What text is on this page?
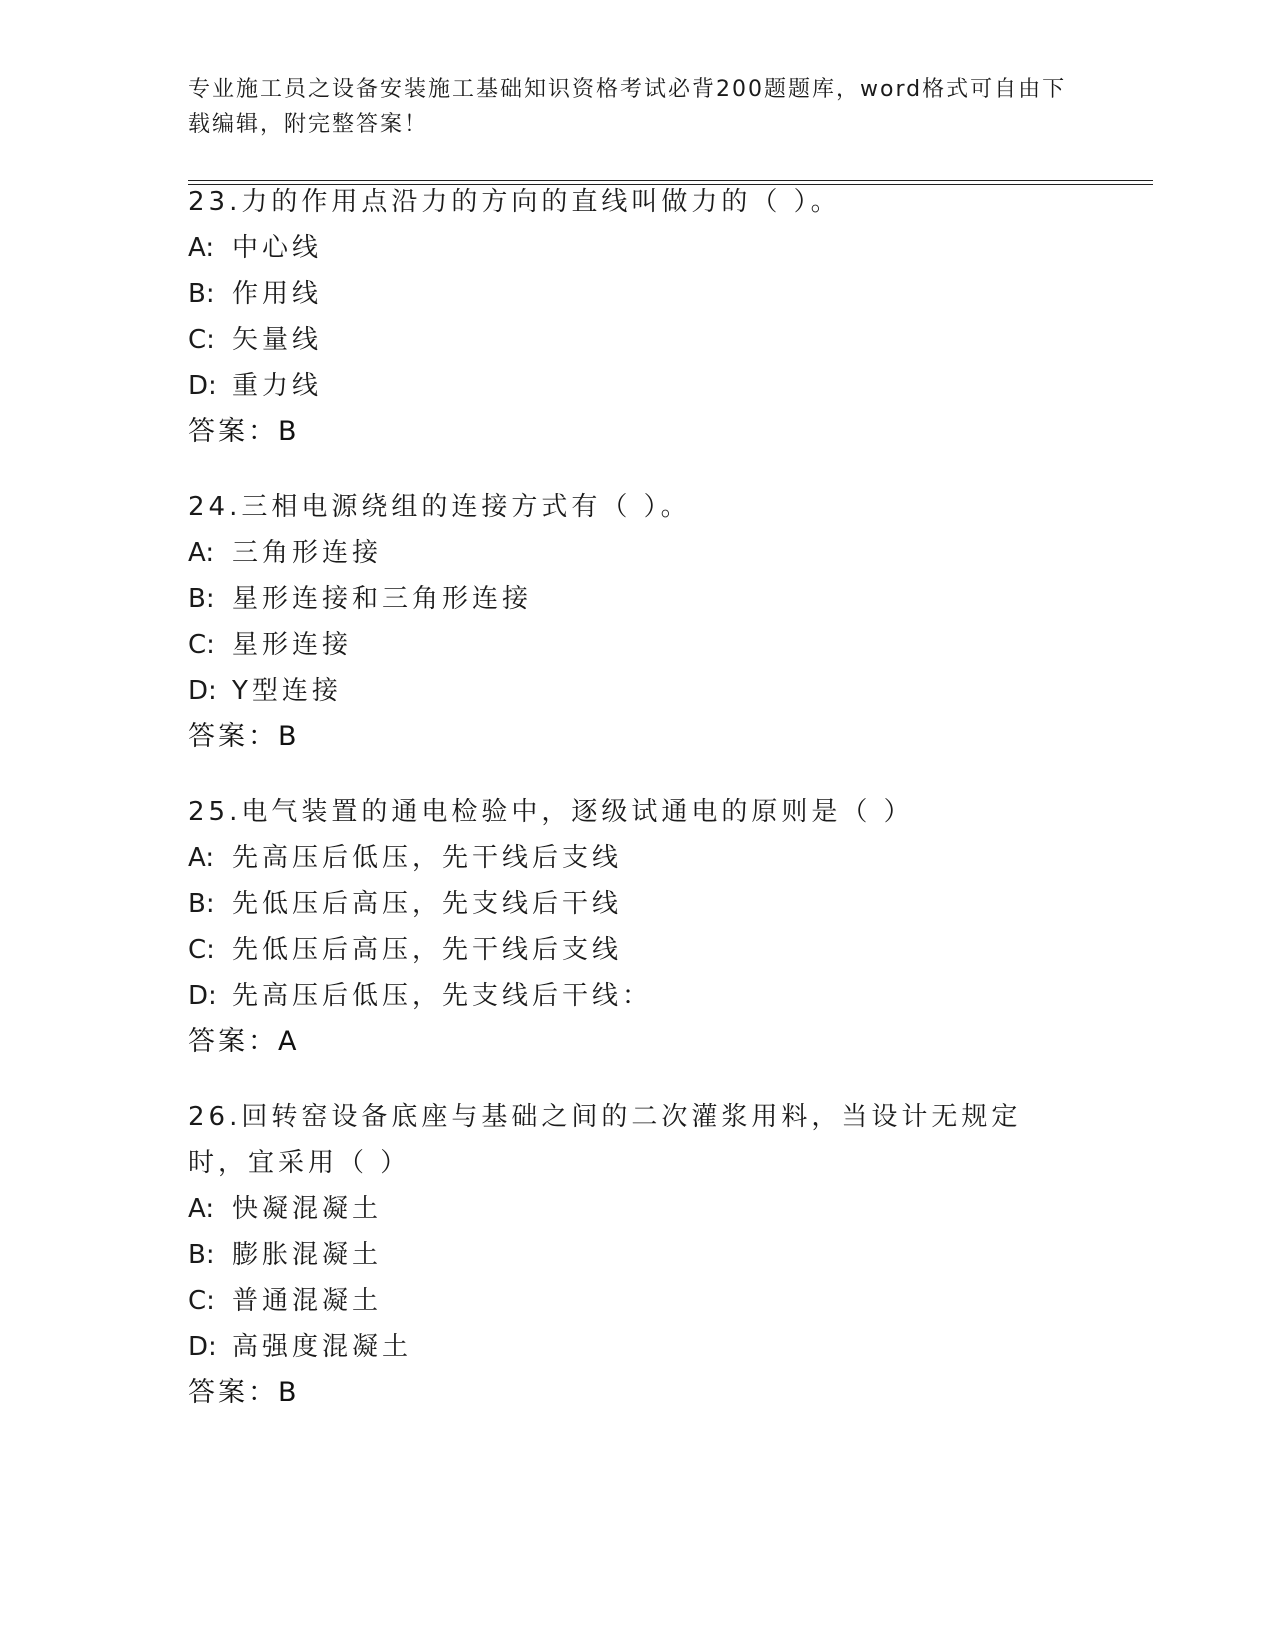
专业施工员之设备安装施工基础知识资格考试必背200题题库，word格式可自由下载编辑，附完整答案！
23.力的作用点沿力的方向的直线叫做力的（ ）。
A: 中心线
B: 作用线
C: 矢量线
D: 重力线
答案：B
24.三相电源绕组的连接方式有（ ）。
A: 三角形连接
B: 星形连接和三角形连接
C: 星形连接
D: Y型连接
答案：B
25.电气装置的通电检验中，逐级试通电的原则是（ ）
A: 先高压后低压，先干线后支线
B: 先低压后高压，先支线后干线
C: 先低压后高压，先干线后支线
D: 先高压后低压，先支线后干线：
答案：A
26.回转窑设备底座与基础之间的二次灌浆用料，当设计无规定时，宜采用（ ）
A: 快凝混凝土
B: 膨胀混凝土
C: 普通混凝土
D: 高强度混凝土
答案：B
